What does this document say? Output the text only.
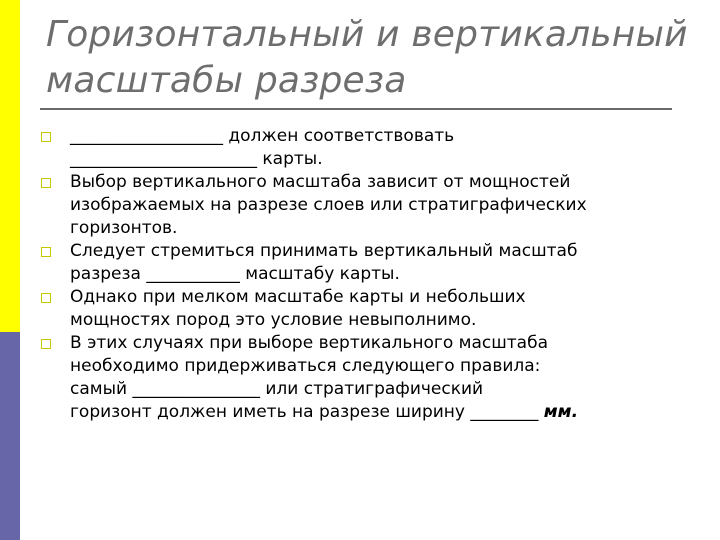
Горизонтальный и вертикальный
масштабы разреза
__________________ должен соответствовать
______________________ карты.
Выбор вертикального масштаба зависит от мощностей
изображаемых на разрезе слоев или стратиграфических
горизонтов.
Следует стремиться принимать вертикальный масштаб
разреза ___________ масштабу карты.
Однако при мелком масштабе карты и небольших
мощностях пород это условие невыполнимо.
В этих случаях при выборе вертикального масштаба
необходимо придерживаться следующего правила:
самый _______________ или стратиграфический
горизонт должен иметь на разрезе ширину ________ мм.
